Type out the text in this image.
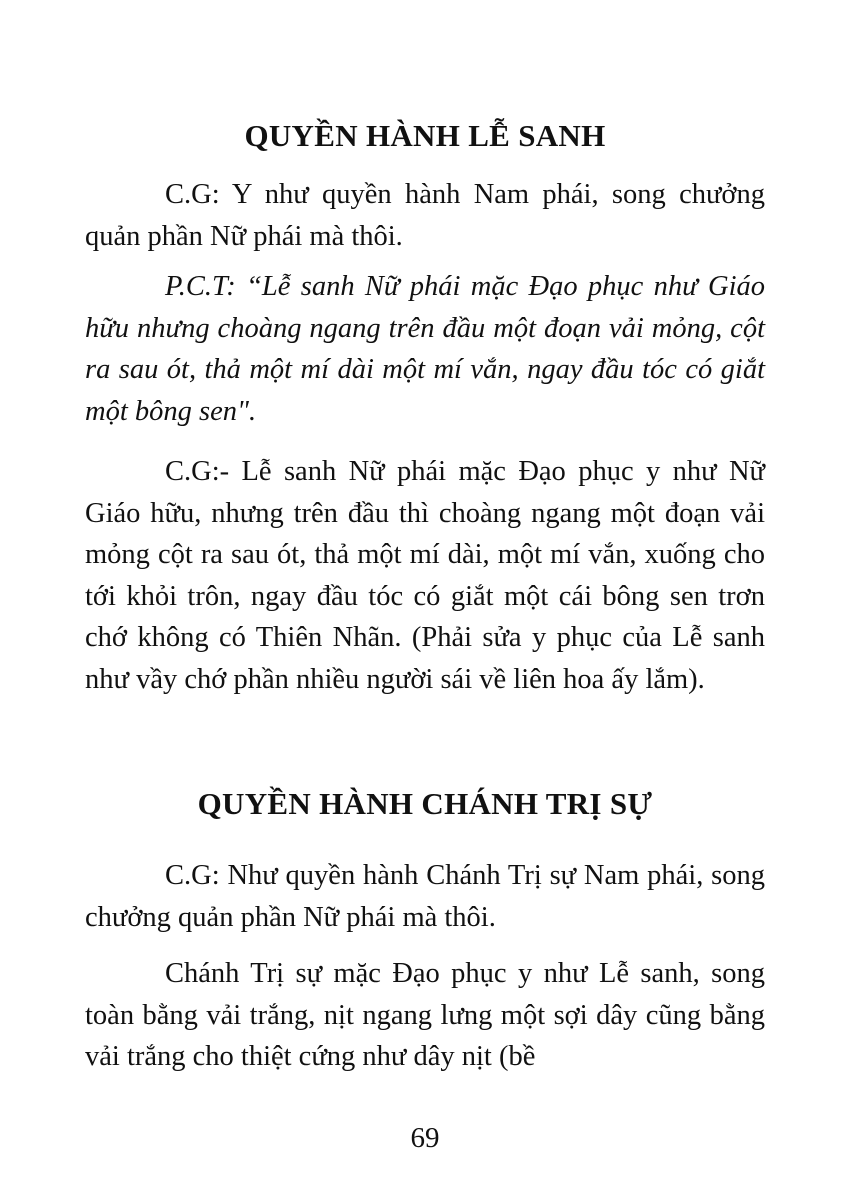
QUYỀN HÀNH LỄ SANH

C.G: Y như quyền hành Nam phái, song chưởng quản phần Nữ phái mà thôi.

P.C.T: “Lễ sanh Nữ phái mặc Đạo phục như Giáo hữu nhưng choàng ngang trên đầu một đoạn vải mỏng, cột ra sau ót, thả một mí dài một mí vắn, ngay đầu tóc có giắt một bông sen".

C.G:- Lễ sanh Nữ phái mặc Đạo phục y như Nữ Giáo hữu, nhưng trên đầu thì choàng ngang một đoạn vải mỏng cột ra sau ót, thả một mí dài, một mí vắn, xuống cho tới khỏi trôn, ngay đầu tóc có giắt một cái bông sen trơn chớ không có Thiên Nhãn. (Phải sửa y phục của Lễ sanh như vầy chớ phần nhiều người sái về liên hoa ấy lắm).

QUYỀN HÀNH CHÁNH TRỊ SỰ

C.G: Như quyền hành Chánh Trị sự Nam phái, song chưởng quản phần Nữ phái mà thôi.

Chánh Trị sự mặc Đạo phục y như Lễ sanh, song toàn bằng vải trắng, nịt ngang lưng một sợi dây cũng bằng vải trắng cho thiệt cứng như dây nịt (bề

69
